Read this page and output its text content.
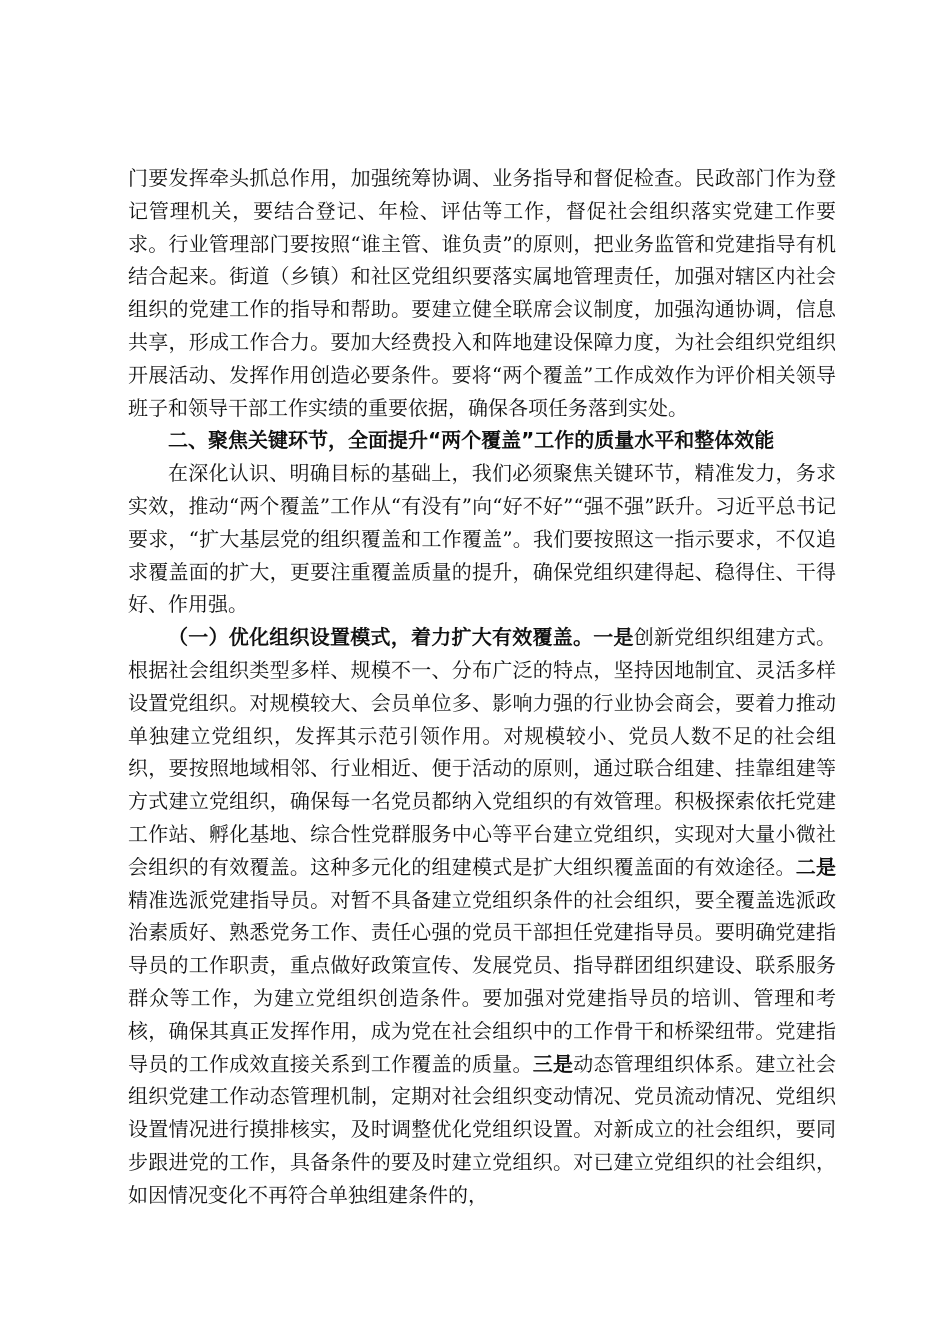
门要发挥牵头抓总作用，加强统筹协调、业务指导和督促检查。民政部门作为登记管理机关，要结合登记、年检、评估等工作，督促社会组织落实党建工作要求。行业管理部门要按照“谁主管、谁负责”的原则，把业务监管和党建指导有机结合起来。街道（乡镇）和社区党组织要落实属地管理责任，加强对辖区内社会组织的党建工作的指导和帮助。要建立健全联席会议制度，加强沟通协调，信息共享，形成工作合力。要加大经费投入和阵地建设保障力度，为社会组织党组织开展活动、发挥作用创造必要条件。要将“两个覆盖”工作成效作为评价相关领导班子和领导干部工作实绩的重要依据，确保各项任务落到实处。

二、聚焦关键环节，全面提升“两个覆盖”工作的质量水平和整体效能

在深化认识、明确目标的基础上，我们必须聚焦关键环节，精准发力，务求实效，推动“两个覆盖”工作从“有没有”向“好不好”“强不强”跃升。习近平总书记要求，“扩大基层党的组织覆盖和工作覆盖”。我们要按照这一指示要求，不仅追求覆盖面的扩大，更要注重覆盖质量的提升，确保党组织建得起、稳得住、干得好、作用强。

（一）优化组织设置模式，着力扩大有效覆盖。一是创新党组织组建方式。根据社会组织类型多样、规模不一、分布广泛的特点，坚持因地制宜、灵活多样设置党组织。对规模较大、会员单位多、影响力强的行业协会商会，要着力推动单独建立党组织，发挥其示范引领作用。对规模较小、党员人数不足的社会组织，要按照地域相邻、行业相近、便于活动的原则，通过联合组建、挂靠组建等方式建立党组织，确保每一名党员都纳入党组织的有效管理。积极探索依托党建工作站、孵化基地、综合性党群服务中心等平台建立党组织，实现对大量小微社会组织的有效覆盖。这种多元化的组建模式是扩大组织覆盖面的有效途径。二是精准选派党建指导员。对暂不具备建立党组织条件的社会组织，要全覆盖选派政治素质好、熟悉党务工作、责任心强的党员干部担任党建指导员。要明确党建指导员的工作职责，重点做好政策宣传、发展党员、指导群团组织建设、联系服务群众等工作，为建立党组织创造条件。要加强对党建指导员的培训、管理和考核，确保其真正发挥作用，成为党在社会组织中的工作骨干和桥梁纽带。党建指导员的工作成效直接关系到工作覆盖的质量。三是动态管理组织体系。建立社会组织党建工作动态管理机制，定期对社会组织变动情况、党员流动情况、党组织设置情况进行摸排核实，及时调整优化党组织设置。对新成立的社会组织，要同步跟进党的工作，具备条件的要及时建立党组织。对已建立党组织的社会组织，如因情况变化不再符合单独组建条件的，
